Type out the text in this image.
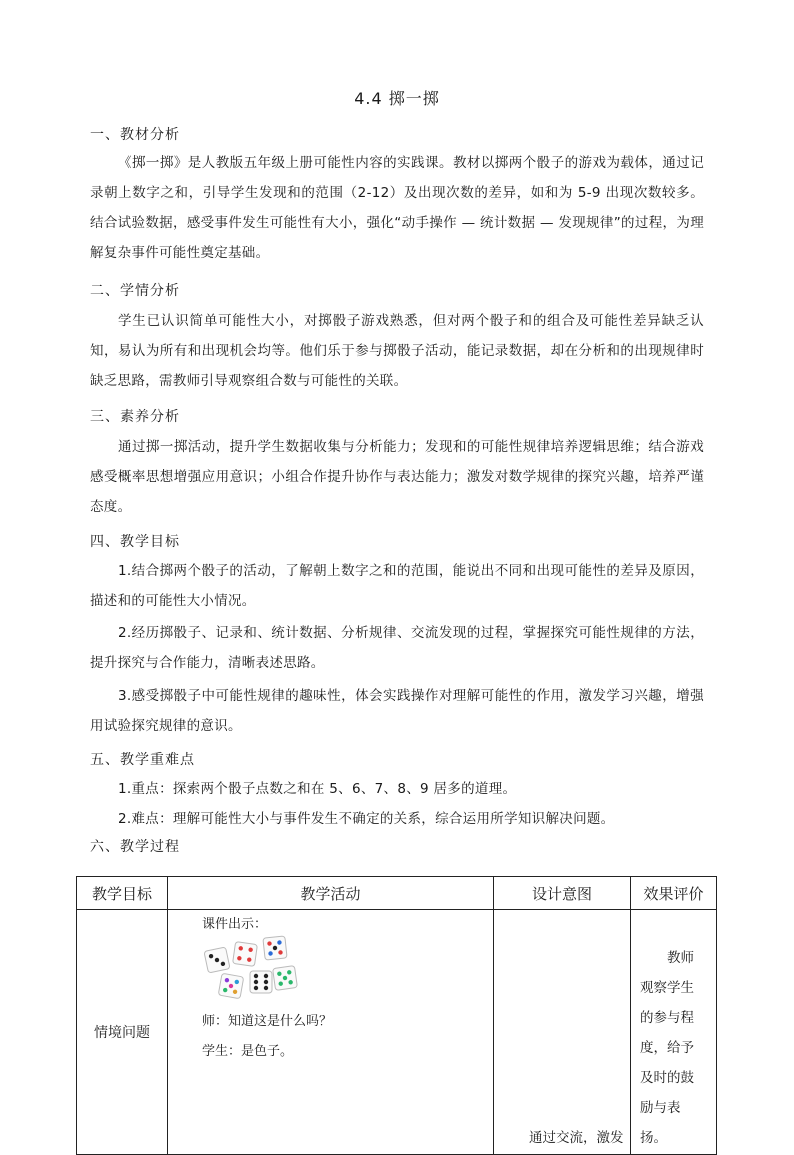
4.4 掷一掷
一、教材分析
《掷一掷》是人教版五年级上册可能性内容的实践课。教材以掷两个骰子的游戏为载体，通过记录朝上数字之和，引导学生发现和的范围（2-12）及出现次数的差异，如和为 5-9 出现次数较多。结合试验数据，感受事件发生可能性有大小，强化“动手操作 — 统计数据 — 发现规律”的过程，为理解复杂事件可能性奠定基础。
二、学情分析
学生已认识简单可能性大小，对掷骰子游戏熟悉，但对两个骰子和的组合及可能性差异缺乏认知，易认为所有和出现机会均等。他们乐于参与掷骰子活动，能记录数据，却在分析和的出现规律时缺乏思路，需教师引导观察组合数与可能性的关联。
三、素养分析
通过掷一掷活动，提升学生数据收集与分析能力；发现和的可能性规律培养逻辑思维；结合游戏感受概率思想增强应用意识；小组合作提升协作与表达能力；激发对数学规律的探究兴趣，培养严谨态度。
四、教学目标
1.结合掷两个骰子的活动，了解朝上数字之和的范围，能说出不同和出现可能性的差异及原因，描述和的可能性大小情况。
2.经历掷骰子、记录和、统计数据、分析规律、交流发现的过程，掌握探究可能性规律的方法，提升探究与合作能力，清晰表述思路。
3.感受掷骰子中可能性规律的趣味性，体会实践操作对理解可能性的作用，激发学习兴趣，增强用试验探究规律的意识。
五、教学重难点
1.重点：探索两个骰子点数之和在 5、6、7、8、9 居多的道理。
2.难点：理解可能性大小与事件发生不确定的关系，综合运用所学知识解决问题。
六、教学过程
教学目标	教学活动	设计意图	效果评价
情境问题	课件出示：
师：知道这是什么吗？
学生：是色子。	通过交流，激发	教师观察学生的参与程度，给予及时的鼓励与表扬。
